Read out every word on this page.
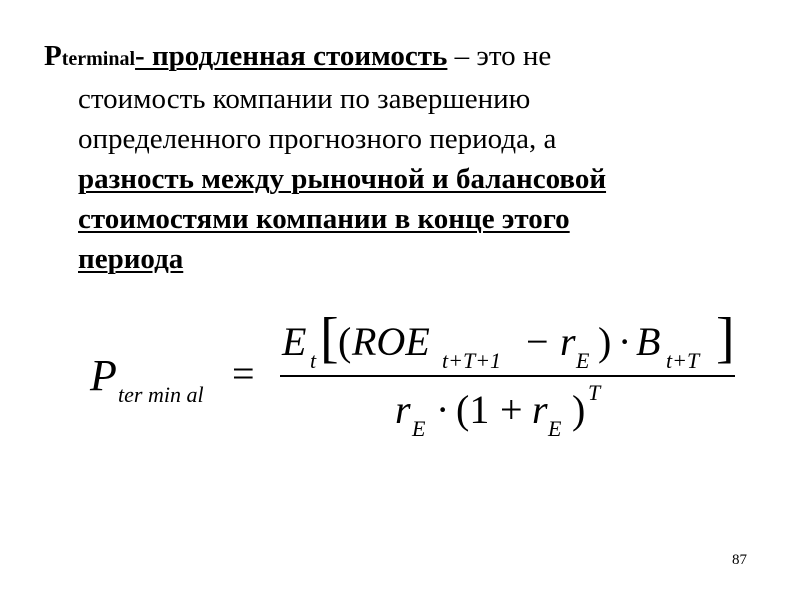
Pterminal- продленная стоимость – это не
стоимость компании по завершению
определенного прогнозного периода, а
разность между рыночной и балансовой
стоимостями компании в конце этого
периода
P ter min al =
E t [ ( ROE t+T+1 − r E ) · B t+T ]
r E · (1 + r E ) T
87
